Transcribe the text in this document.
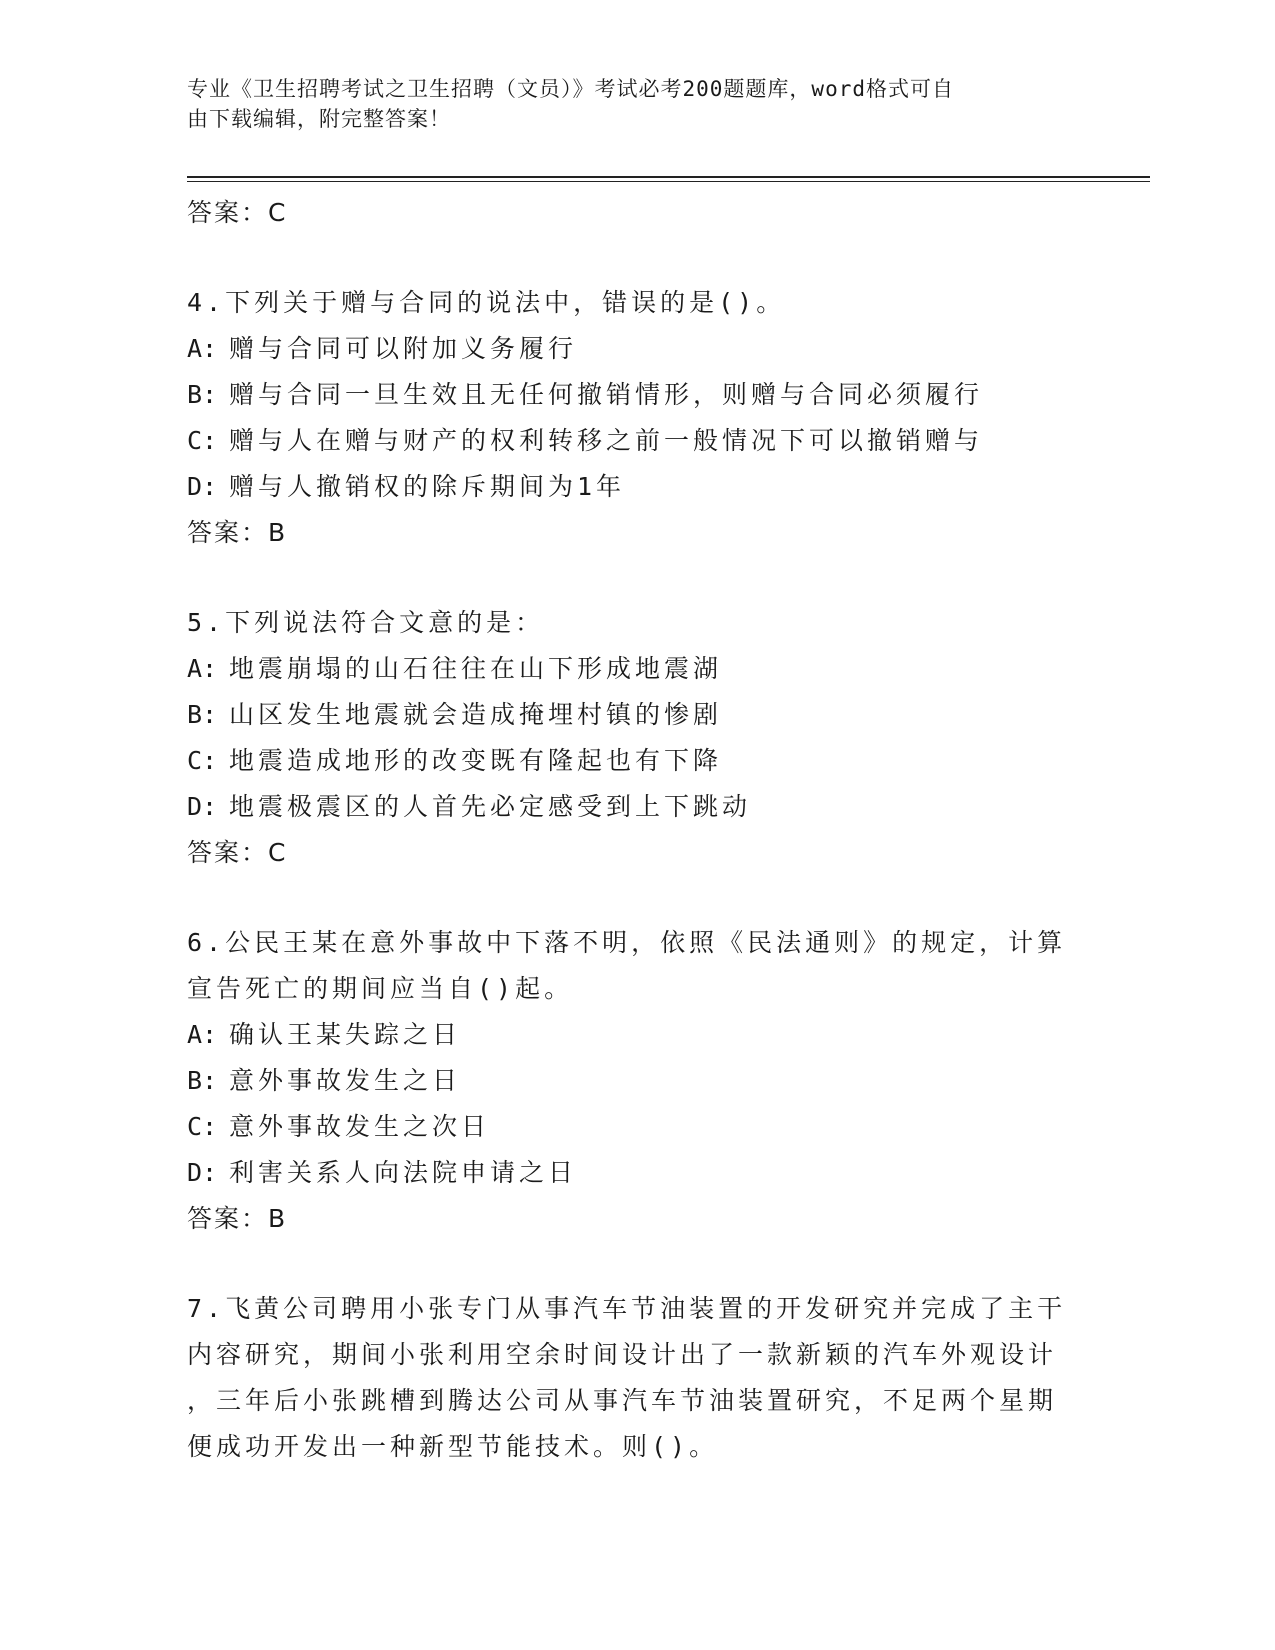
专业《卫生招聘考试之卫生招聘（文员）》考试必考200题题库，word格式可自
由下载编辑，附完整答案！
答案：C
4.下列关于赠与合同的说法中，错误的是()。
A: 赠与合同可以附加义务履行
B: 赠与合同一旦生效且无任何撤销情形，则赠与合同必须履行
C: 赠与人在赠与财产的权利转移之前一般情况下可以撤销赠与
D: 赠与人撤销权的除斥期间为1年
答案：B
5.下列说法符合文意的是：
A: 地震崩塌的山石往往在山下形成地震湖
B: 山区发生地震就会造成掩埋村镇的惨剧
C: 地震造成地形的改变既有隆起也有下降
D: 地震极震区的人首先必定感受到上下跳动
答案：C
6.公民王某在意外事故中下落不明，依照《民法通则》的规定，计算
宣告死亡的期间应当自()起。
A: 确认王某失踪之日
B: 意外事故发生之日
C: 意外事故发生之次日
D: 利害关系人向法院申请之日
答案：B
7.飞黄公司聘用小张专门从事汽车节油装置的开发研究并完成了主干
内容研究，期间小张利用空余时间设计出了一款新颖的汽车外观设计
，三年后小张跳槽到腾达公司从事汽车节油装置研究，不足两个星期
便成功开发出一种新型节能技术。则()。
